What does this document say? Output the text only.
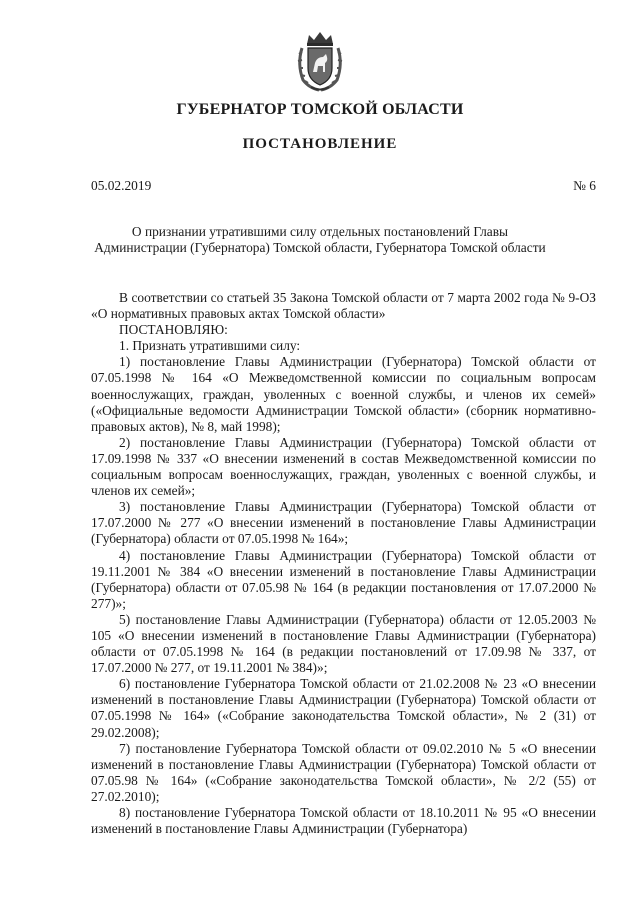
ГУБЕРНАТОР ТОМСКОЙ ОБЛАСТИ
ПОСТАНОВЛЕНИЕ
05.02.2019	№ 6
О признании утратившими силу отдельных постановлений Главы
Администрации (Губернатора) Томской области, Губернатора Томской области

В соответствии со статьей 35 Закона Томской области от 7 марта 2002 года № 9-ОЗ «О нормативных правовых актах Томской области»

ПОСТАНОВЛЯЮ:

1. Признать утратившими силу:

1) постановление Главы Администрации (Губернатора) Томской области от 07.05.1998 № 164 «О Межведомственной комиссии по социальным вопросам военнослужащих, граждан, уволенных с военной службы, и членов их семей» («Официальные ведомости Администрации Томской области» (сборник нормативно-правовых актов), № 8, май 1998);

2) постановление Главы Администрации (Губернатора) Томской области от 17.09.1998 № 337 «О внесении изменений в состав Межведомственной комиссии по социальным вопросам военнослужащих, граждан, уволенных с военной службы, и членов их семей»;

3) постановление Главы Администрации (Губернатора) Томской области от 17.07.2000 № 277 «О внесении изменений в постановление Главы Администрации (Губернатора) области от 07.05.1998 № 164»;

4) постановление Главы Администрации (Губернатора) Томской области от 19.11.2001 № 384 «О внесении изменений в постановление Главы Администрации (Губернатора) области от 07.05.98 № 164 (в редакции постановления от 17.07.2000 № 277)»;

5) постановление Главы Администрации (Губернатора) области от 12.05.2003 № 105 «О внесении изменений в постановление Главы Администрации (Губернатора) области от 07.05.1998 № 164 (в редакции постановлений от 17.09.98 № 337, от 17.07.2000 № 277, от 19.11.2001 № 384)»;

6) постановление Губернатора Томской области от 21.02.2008 № 23 «О внесении изменений в постановление Главы Администрации (Губернатора) Томской области от 07.05.1998 № 164» («Собрание законодательства Томской области», № 2 (31) от 29.02.2008);

7) постановление Губернатора Томской области от 09.02.2010 № 5 «О внесении изменений в постановление Главы Администрации (Губернатора) Томской области от 07.05.98 № 164» («Собрание законодательства Томской области», № 2/2 (55) от 27.02.2010);

8) постановление Губернатора Томской области от 18.10.2011 № 95 «О внесении изменений в постановление Главы Администрации (Губернатора)
